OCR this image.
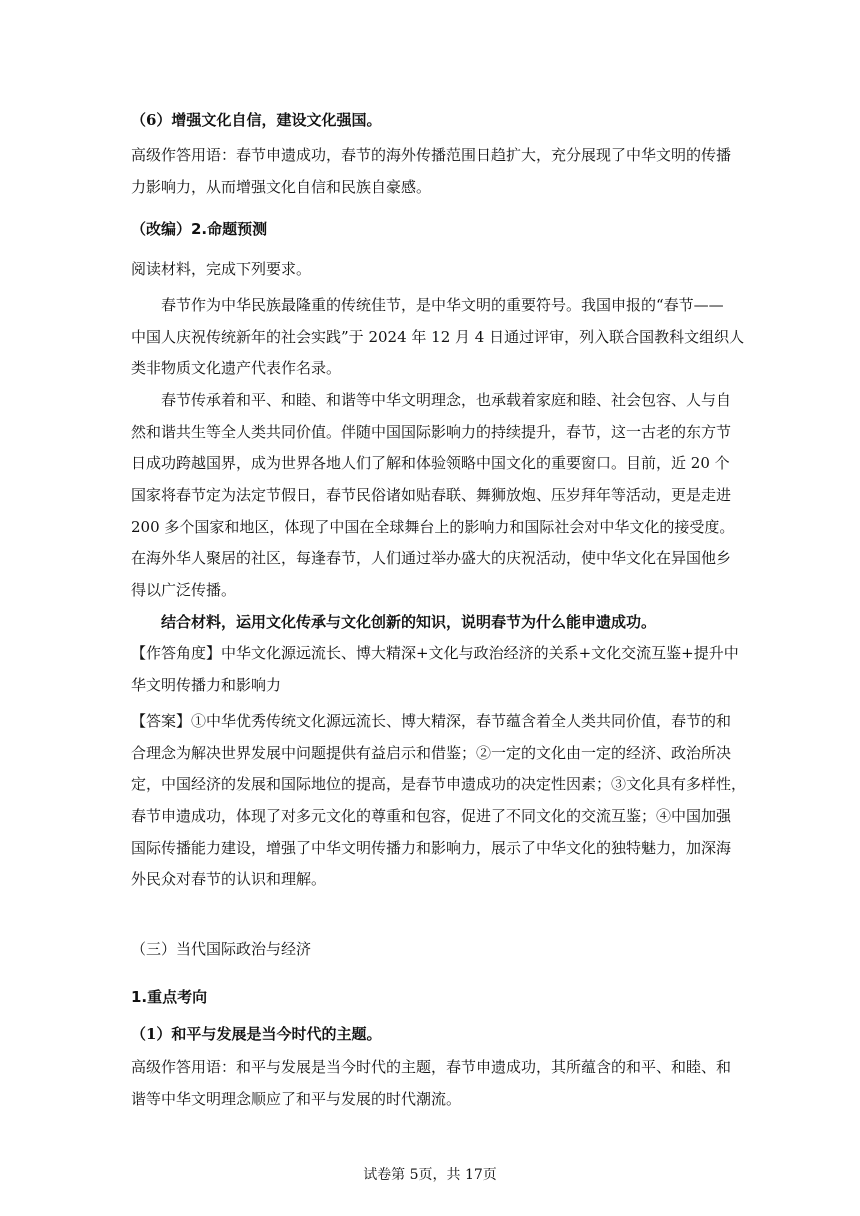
（6）增强文化自信，建设文化强国。
高级作答用语：春节申遗成功，春节的海外传播范围日趋扩大，充分展现了中华文明的传播
力影响力，从而增强文化自信和民族自豪感。
（改编）2.命题预测
阅读材料，完成下列要求。
春节作为中华民族最隆重的传统佳节，是中华文明的重要符号。我国申报的“春节——
中国人庆祝传统新年的社会实践”于 2024 年 12 月 4 日通过评审，列入联合国教科文组织人
类非物质文化遗产代表作名录。
春节传承着和平、和睦、和谐等中华文明理念，也承载着家庭和睦、社会包容、人与自
然和谐共生等全人类共同价值。伴随中国国际影响力的持续提升，春节，这一古老的东方节
日成功跨越国界，成为世界各地人们了解和体验领略中国文化的重要窗口。目前，近 20 个
国家将春节定为法定节假日，春节民俗诸如贴春联、舞狮放炮、压岁拜年等活动，更是走进
200 多个国家和地区，体现了中国在全球舞台上的影响力和国际社会对中华文化的接受度。
在海外华人聚居的社区，每逢春节，人们通过举办盛大的庆祝活动，使中华文化在异国他乡
得以广泛传播。
结合材料，运用文化传承与文化创新的知识，说明春节为什么能申遗成功。
【作答角度】中华文化源远流长、博大精深+文化与政治经济的关系+文化交流互鉴+提升中
华文明传播力和影响力
【答案】①中华优秀传统文化源远流长、博大精深，春节蕴含着全人类共同价值，春节的和
合理念为解决世界发展中问题提供有益启示和借鉴；②一定的文化由一定的经济、政治所决
定，中国经济的发展和国际地位的提高，是春节申遗成功的决定性因素；③文化具有多样性，
春节申遗成功，体现了对多元文化的尊重和包容，促进了不同文化的交流互鉴；④中国加强
国际传播能力建设，增强了中华文明传播力和影响力，展示了中华文化的独特魅力，加深海
外民众对春节的认识和理解。
（三）当代国际政治与经济
1.重点考向
（1）和平与发展是当今时代的主题。
高级作答用语：和平与发展是当今时代的主题，春节申遗成功，其所蕴含的和平、和睦、和
谐等中华文明理念顺应了和平与发展的时代潮流。
试卷第 5页，共 17页
